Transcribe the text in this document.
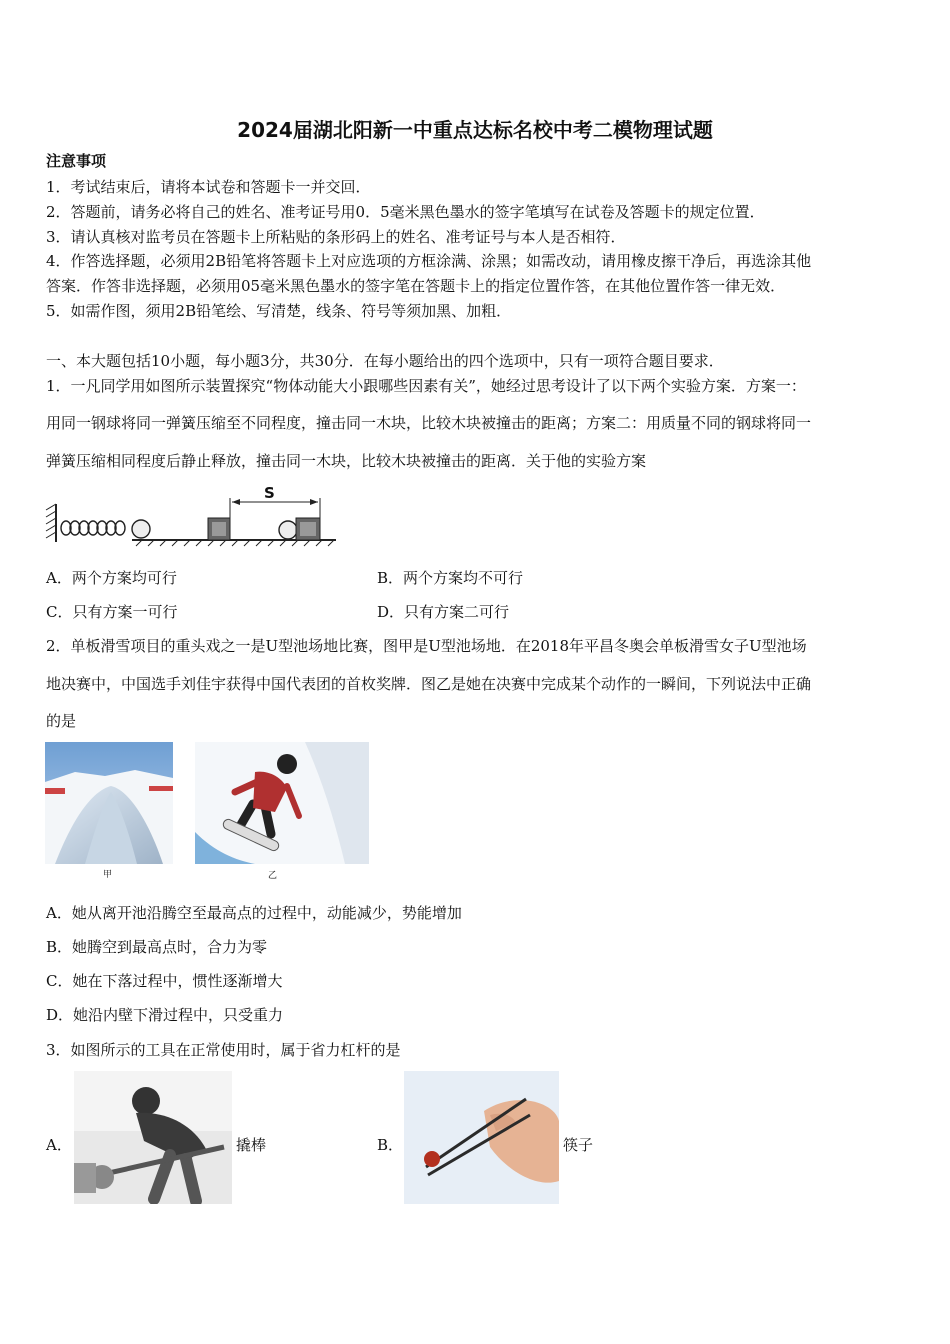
2024届湖北阳新一中重点达标名校中考二模物理试题
注意事项
1．考试结束后，请将本试卷和答题卡一并交回．
2．答题前，请务必将自己的姓名、准考证号用0．5毫米黑色墨水的签字笔填写在试卷及答题卡的规定位置．
3．请认真核对监考员在答题卡上所粘贴的条形码上的姓名、准考证号与本人是否相符．
4．作答选择题，必须用2B铅笔将答题卡上对应选项的方框涂满、涂黑；如需改动，请用橡皮擦干净后，再选涂其他
答案．作答非选择题，必须用05毫米黑色墨水的签字笔在答题卡上的指定位置作答，在其他位置作答一律无效．
5．如需作图，须用2B铅笔绘、写清楚，线条、符号等须加黑、加粗．
一、本大题包括10小题，每小题3分，共30分．在每小题给出的四个选项中，只有一项符合题目要求．
1．一凡同学用如图所示装置探究“物体动能大小跟哪些因素有关”，她经过思考设计了以下两个实验方案．方案一：
用同一钢球将同一弹簧压缩至不同程度，撞击同一木块，比较木块被撞击的距离；方案二：用质量不同的钢球将同一
弹簧压缩相同程度后静止释放，撞击同一木块，比较木块被撞击的距离．关于他的实验方案
S
A．两个方案均可行	B．两个方案均不可行
C．只有方案一可行	D．只有方案二可行
2．单板滑雪项目的重头戏之一是U型池场地比赛，图甲是U型池场地．在2018年平昌冬奥会单板滑雪女子U型池场
地决赛中，中国选手刘佳宇获得中国代表团的首枚奖牌．图乙是她在决赛中完成某个动作的一瞬间，下列说法中正确
的是
甲	乙
A．她从离开池沿腾空至最高点的过程中，动能减少，势能增加
B．她腾空到最高点时，合力为零
C．她在下落过程中，惯性逐渐增大
D．她沿内壁下滑过程中，只受重力
3．如图所示的工具在正常使用时，属于省力杠杆的是
A．	撬棒	B．	筷子
